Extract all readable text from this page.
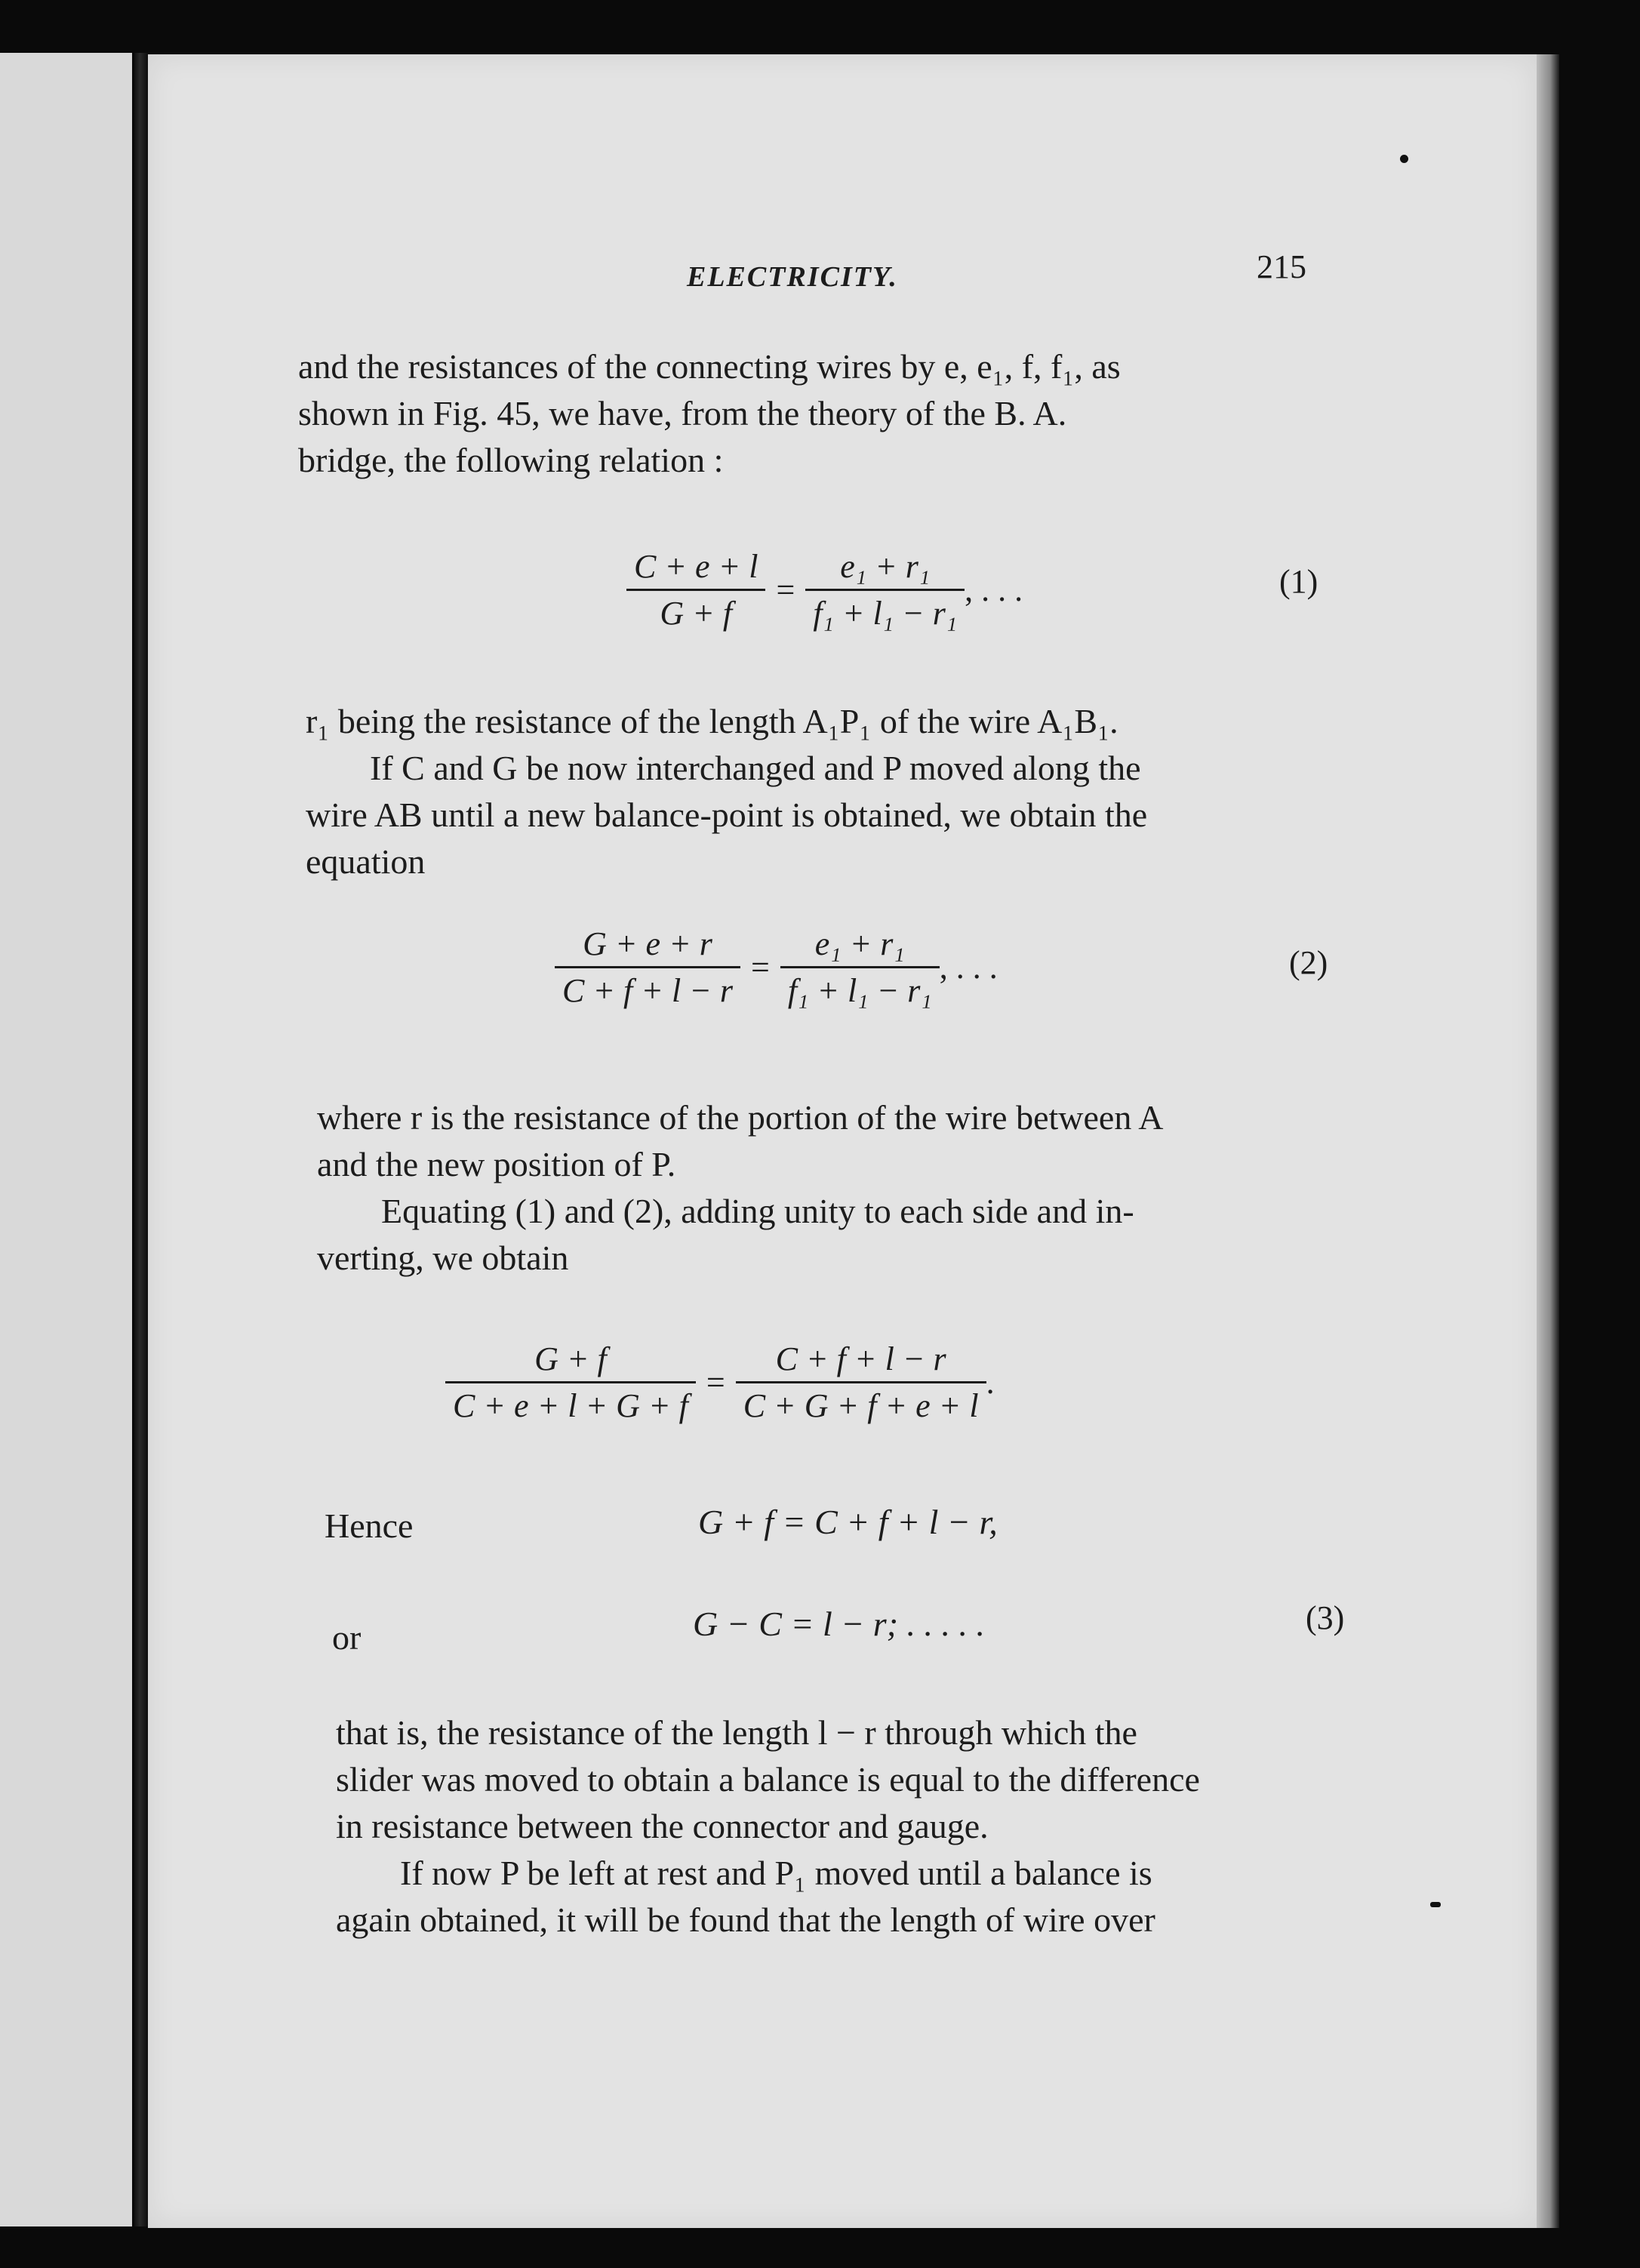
ELECTRICITY.	215
and the resistances of the connecting wires by e, e₁, f, f₁, as
shown in Fig. 45, we have, from the theory of the B. A.
bridge, the following relation :
$\frac{C + e + l}{G + f} = \frac{\text{e₁ + r₁}}{\text{f₁ + l₁ − r₁}}$ , . . .	(1)
r₁ being the resistance of the length A₁P₁ of the wire A₁B₁.
If C and G be now interchanged and P moved along the
wire AB until a new balance-point is obtained, we obtain the
equation
$\frac{G + e + r}{C + f + l - r} = \frac{\text{e₁ + r₁}}{\text{f₁ + l₁ − r₁}}$ , . . .	(2)
where r is the resistance of the portion of the wire between A
and the new position of P.
Equating (1) and (2), adding unity to each side and in-
verting, we obtain
$\frac{G + f}{C + e + l + G + f} = \frac{C + f + l - r}{C + G + f + e + l}$ .
Hence	G + f = C + f + l − r,
or	G − C = l − r; . . . . .	(3)
that is, the resistance of the length l − r through which the
slider was moved to obtain a balance is equal to the difference
in resistance between the connector and gauge.
If now P be left at rest and P₁ moved until a balance is
again obtained, it will be found that the length of wire over
